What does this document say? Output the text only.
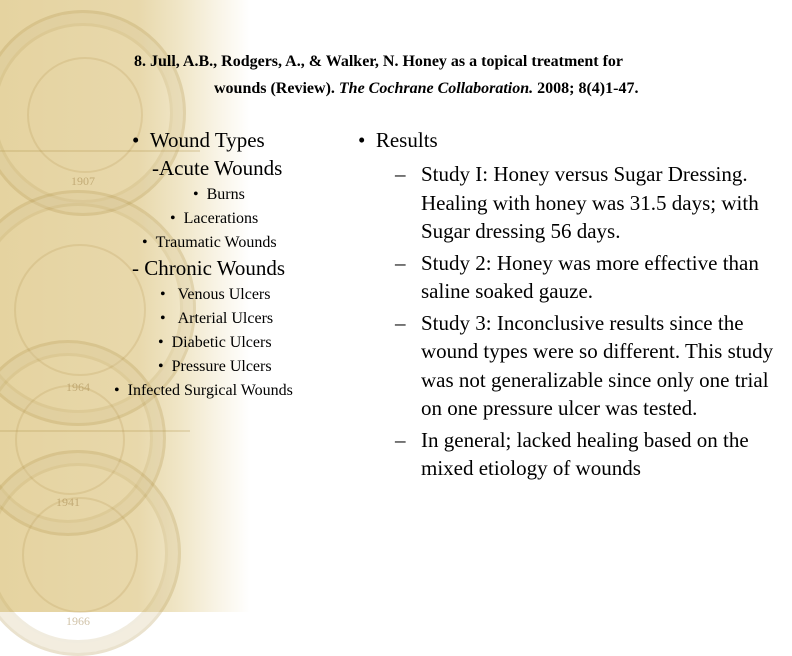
1907
1964
1941
1966

8. Jull, A.B., Rodgers, A., & Walker, N. Honey as a topical treatment for
wounds (Review). The Cochrane Collaboration. 2008; 8(4)1-47.

• Wound Types
-Acute Wounds
• Burns
• Lacerations
• Traumatic Wounds
- Chronic Wounds
• Venous Ulcers
• Arterial Ulcers
• Diabetic Ulcers
• Pressure Ulcers
• Infected Surgical Wounds
• Results
– Study I: Honey versus Sugar Dressing. Healing with honey was 31.5 days; with Sugar dressing 56 days.
– Study 2: Honey was more effective than saline soaked gauze.
– Study 3: Inconclusive results since the wound types were so different. This study was not generalizable since only one trial on one pressure ulcer was tested.
– In general; lacked healing based on the mixed etiology of wounds
